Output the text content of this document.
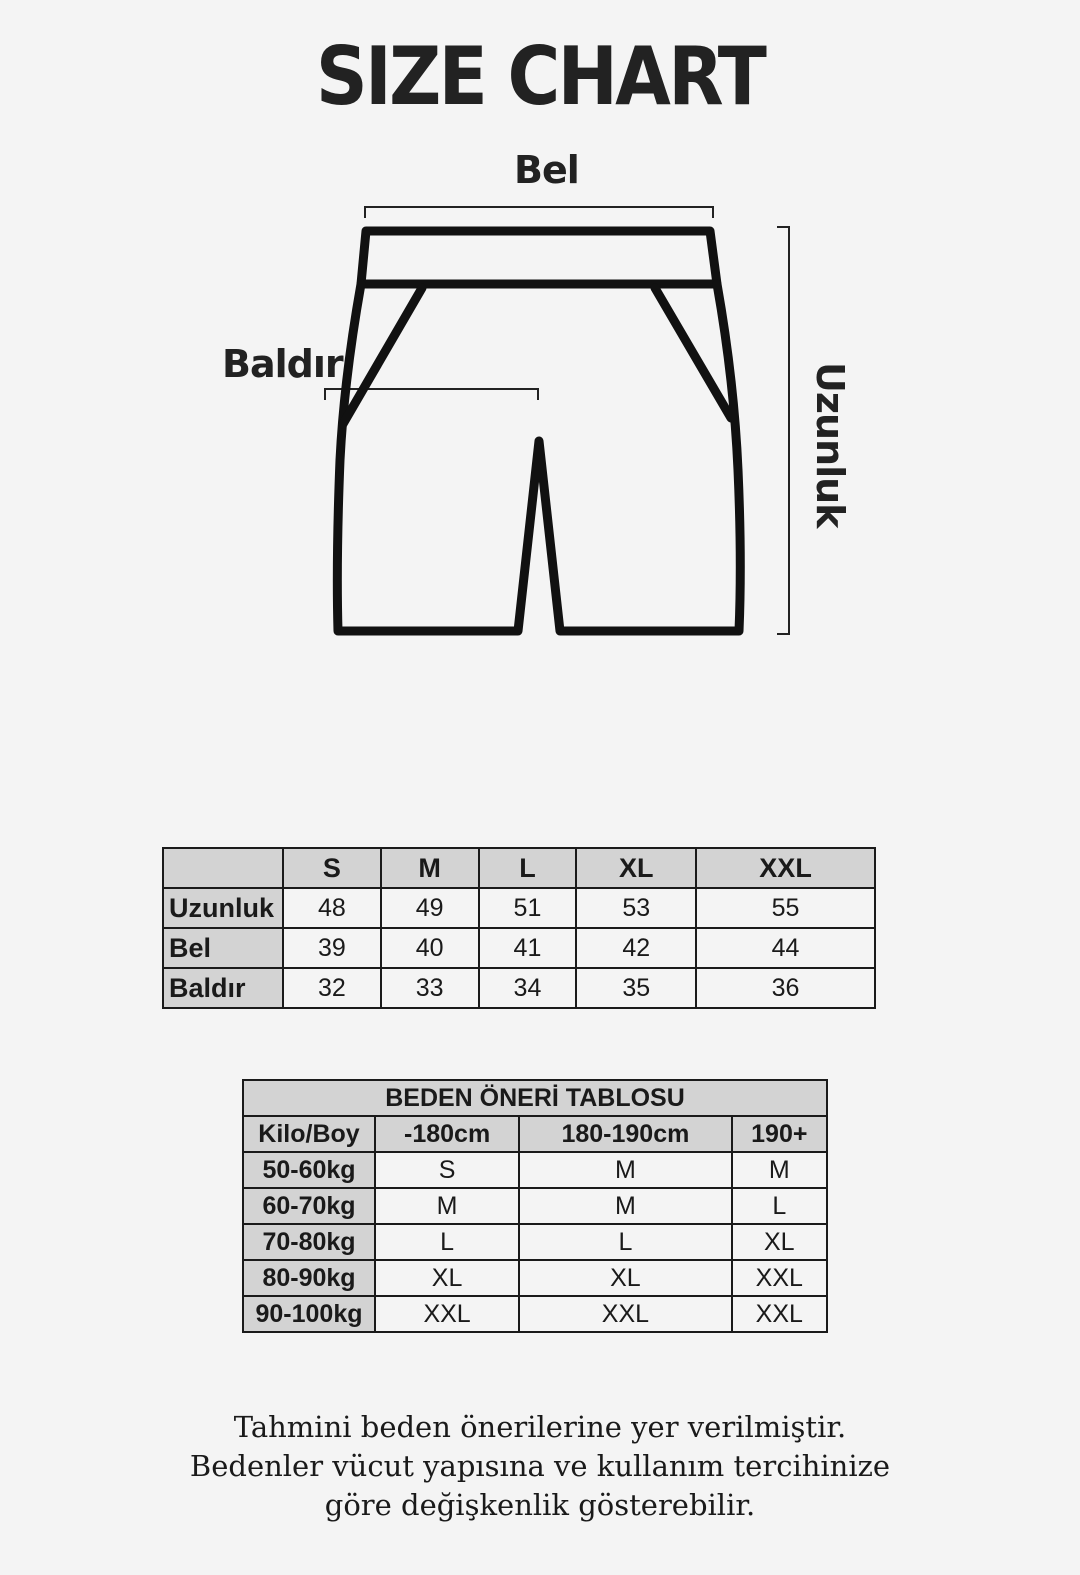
SIZE CHART
Bel
Baldır	Uzunluk
	S	M	L	XL	XXL
Uzunluk	48	49	51	53	55
Bel	39	40	41	42	44
Baldır	32	33	34	35	36
BEDEN ÖNERİ TABLOSU			
Kilo/Boy	-180cm	180-190cm	190+
50-60kg	S	M	M
60-70kg	M	M	L
70-80kg	L	L	XL
80-90kg	XL	XL	XXL
90-100kg	XXL	XXL	XXL
Tahmini beden önerilerine yer verilmiştir.
Bedenler vücut yapısına ve kullanım tercihinize
göre değişkenlik gösterebilir.
